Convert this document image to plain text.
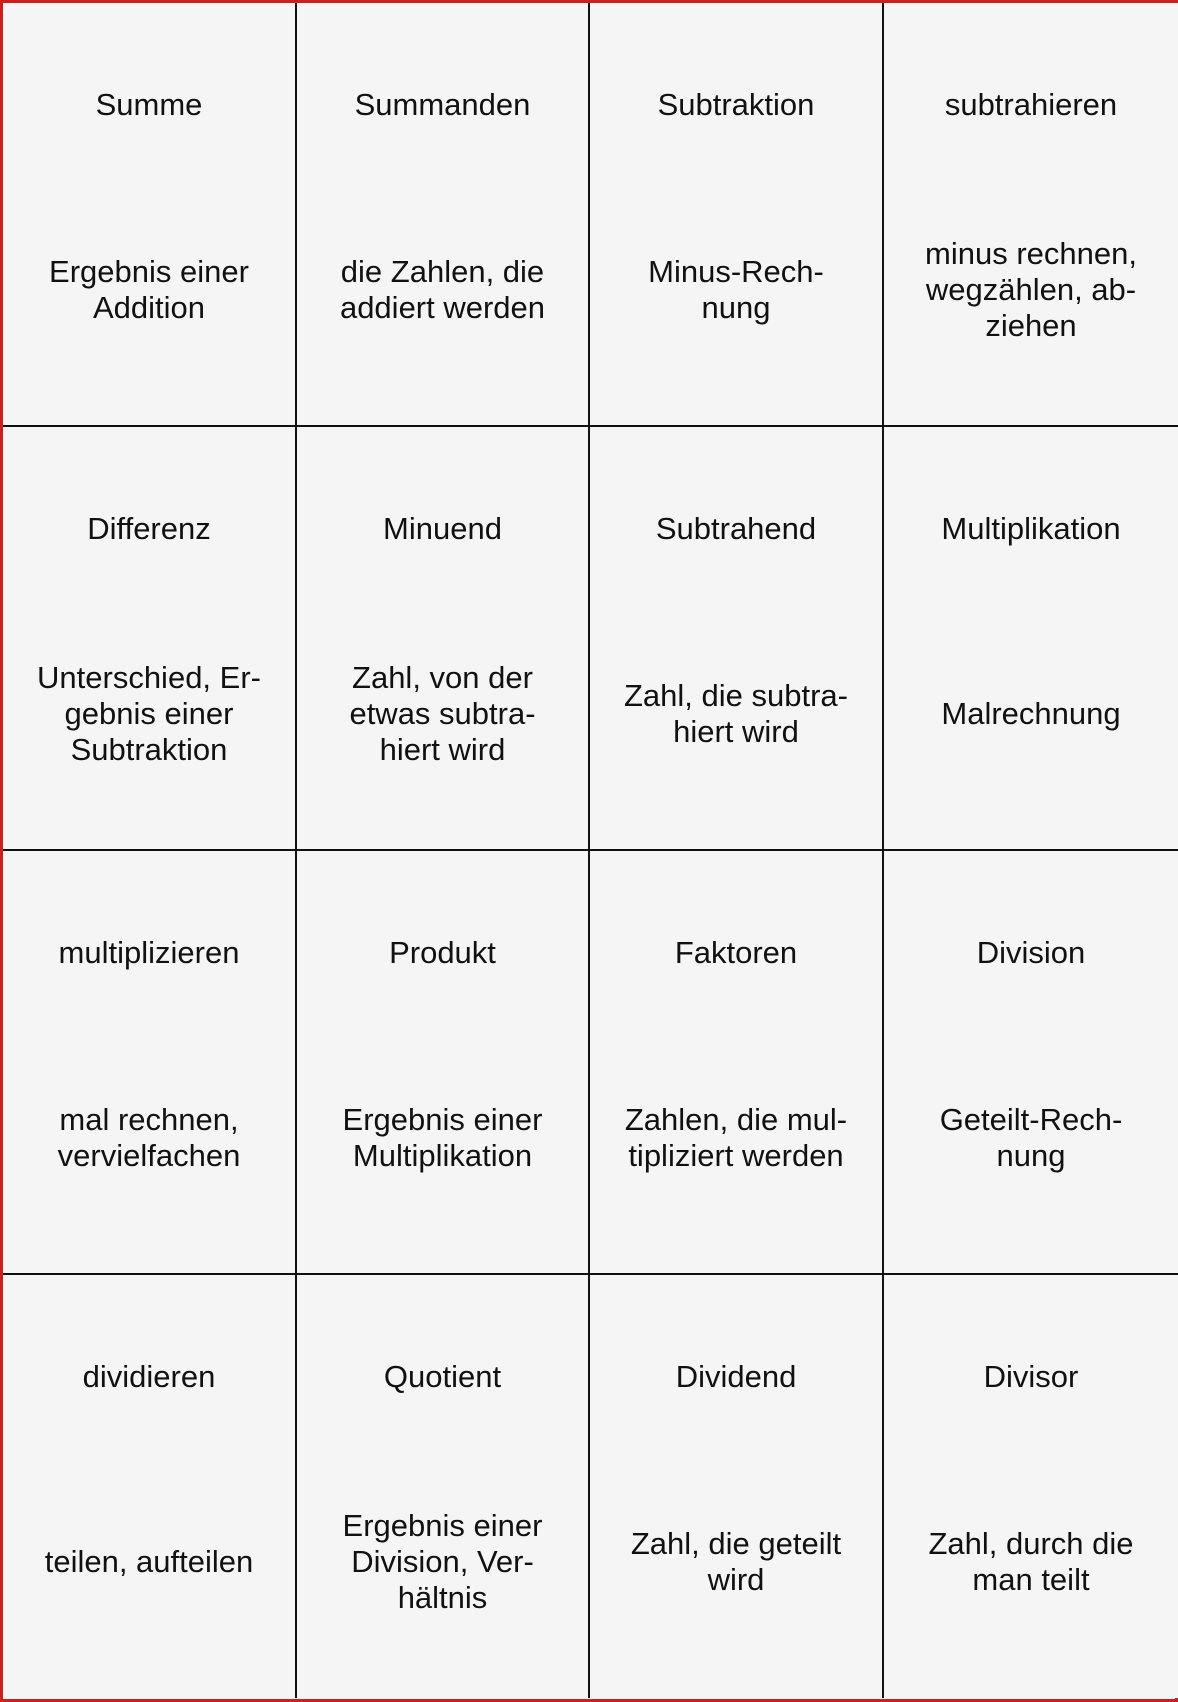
Summe
Ergebnis einer
Addition
Summanden
die Zahlen, die
addiert werden
Subtraktion
Minus-Rech-
nung
subtrahieren
minus rechnen,
wegzählen, ab-
ziehen
Differenz
Unterschied, Er-
gebnis einer
Subtraktion
Minuend
Zahl, von der
etwas subtra-
hiert wird
Subtrahend
Zahl, die subtra-
hiert wird
Multiplikation
Malrechnung
multiplizieren
mal rechnen,
vervielfachen
Produkt
Ergebnis einer
Multiplikation
Faktoren
Zahlen, die mul-
tipliziert werden
Division
Geteilt-Rech-
nung
dividieren
teilen, aufteilen
Quotient
Ergebnis einer
Division, Ver-
hältnis
Dividend
Zahl, die geteilt
wird
Divisor
Zahl, durch die
man teilt
